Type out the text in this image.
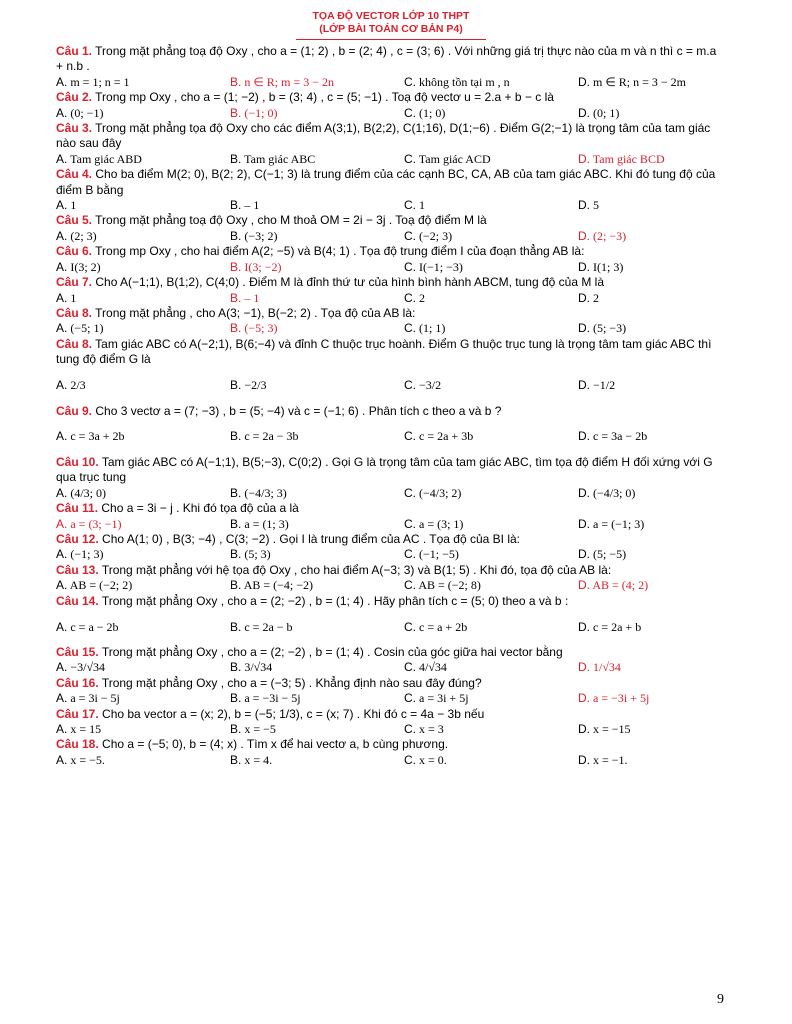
TỌA ĐỘ VECTOR LỚP 10 THPT
(LỚP BÀI TOÁN CƠ BẢN P4)

Câu 1. Trong mặt phẳng toạ độ Oxy , cho a = (1; 2) , b = (2; 4) , c = (3; 6) . Với những giá trị thực nào của m và n thì c = m.a + n.b .

A. m = 1; n = 1	B. n ∈ R; m = 3 − 2n	C. không tồn tại m , n	D. m ∈ R; n = 3 − 2m

Câu 2. Trong mp Oxy , cho a = (1; −2) , b = (3; 4) , c = (5; −1) . Toạ độ vectơ u = 2.a + b − c là

A. (0; −1)	B. (−1; 0)	C. (1; 0)	D. (0; 1)

Câu 3. Trong mặt phẳng tọa độ Oxy cho các điểm A(3;1), B(2;2), C(1;16), D(1;−6) . Điểm G(2;−1) là trọng tâm của tam giác nào sau đây

A. Tam giác ABD	B. Tam giác ABC	C. Tam giác ACD	D. Tam giác BCD

Câu 4. Cho ba điểm M(2; 0), B(2; 2), C(−1; 3) là trung điểm của các cạnh BC, CA, AB của tam giác ABC. Khi đó tung độ của điểm B bằng

A. 1	B. – 1	C. 1	D. 5

Câu 5. Trong mặt phẳng toạ độ Oxy , cho M thoả OM = 2i − 3j . Toạ độ điểm M là

A. (2; 3)	B. (−3; 2)	C. (−2; 3)	D. (2; −3)

Câu 6. Trong mp Oxy , cho hai điểm A(2; −5) và B(4; 1) . Tọa độ trung điểm I của đoạn thẳng AB là:

A. I(3; 2)	B. I(3; −2)	C. I(−1; −3)	D. I(1; 3)

Câu 7. Cho A(−1;1), B(1;2), C(4;0) . Điểm M là đỉnh thứ tư của hình bình hành ABCM, tung độ của M là

A. 1	B. – 1	C. 2	D. 2

Câu 8. Trong mặt phẳng , cho A(3; −1), B(−2; 2) . Tọa độ của AB là:

A. (−5; 1)	B. (−5; 3)	C. (1; 1)	D. (5; −3)

Câu 8. Tam giác ABC có A(−2;1), B(6;−4) và đỉnh C thuộc trục hoành. Điểm G thuộc trục tung là trọng tâm tam giác ABC thì tung độ điểm G là

A. 2/3	B. −2/3	C. −3/2	D. −1/2

Câu 9. Cho 3 vectơ a = (7; −3) , b = (5; −4) và c = (−1; 6) . Phân tích c theo a và b ?

A. c = 3a + 2b	B. c = 2a − 3b	C. c = 2a + 3b	D. c = 3a − 2b

Câu 10. Tam giác ABC có A(−1;1), B(5;−3), C(0;2) . Gọi G là trọng tâm của tam giác ABC, tìm tọa độ điểm H đối xứng với G qua trục tung

A. (4/3; 0)	B. (−4/3; 3)	C. (−4/3; 2)	D. (−4/3; 0)

Câu 11. Cho a = 3i − j . Khi đó tọa độ của a là

A. a = (3; −1)	B. a = (1; 3)	C. a = (3; 1)	D. a = (−1; 3)

Câu 12. Cho A(1; 0) , B(3; −4) , C(3; −2) . Gọi I là trung điểm của AC . Tọa độ của BI là:

A. (−1; 3)	B. (5; 3)	C. (−1; −5)	D. (5; −5)

Câu 13. Trong mặt phẳng với hệ tọa độ Oxy , cho hai điểm A(−3; 3) và B(1; 5) . Khi đó, tọa độ của AB là:

A. AB = (−2; 2)	B. AB = (−4; −2)	C. AB = (−2; 8)	D. AB = (4; 2)

Câu 14. Trong mặt phẳng Oxy , cho a = (2; −2) , b = (1; 4) . Hãy phân tích c = (5; 0) theo a và b :

A. c = a − 2b	B. c = 2a − b	C. c = a + 2b	D. c = 2a + b

Câu 15. Trong mặt phẳng Oxy , cho a = (2; −2) , b = (1; 4) . Cosin của góc giữa hai vector bằng

A. −3/√34	B. 3/√34	C. 4/√34	D. 1/√34

Câu 16. Trong mặt phẳng Oxy , cho a = (−3; 5) . Khẳng định nào sau đây đúng?

A. a = 3i − 5j	B. a = −3i − 5j	C. a = 3i + 5j	D. a = −3i + 5j

Câu 17. Cho ba vector a = (x; 2), b = (−5; 1/3), c = (x; 7) . Khi đó c = 4a − 3b nếu

A. x = 15	B. x = −5	C. x = 3	D. x = −15

Câu 18. Cho a = (−5; 0), b = (4; x) . Tìm x để hai vectơ a, b cùng phương.

A. x = −5.	B. x = 4.	C. x = 0.	D. x = −1.
9
